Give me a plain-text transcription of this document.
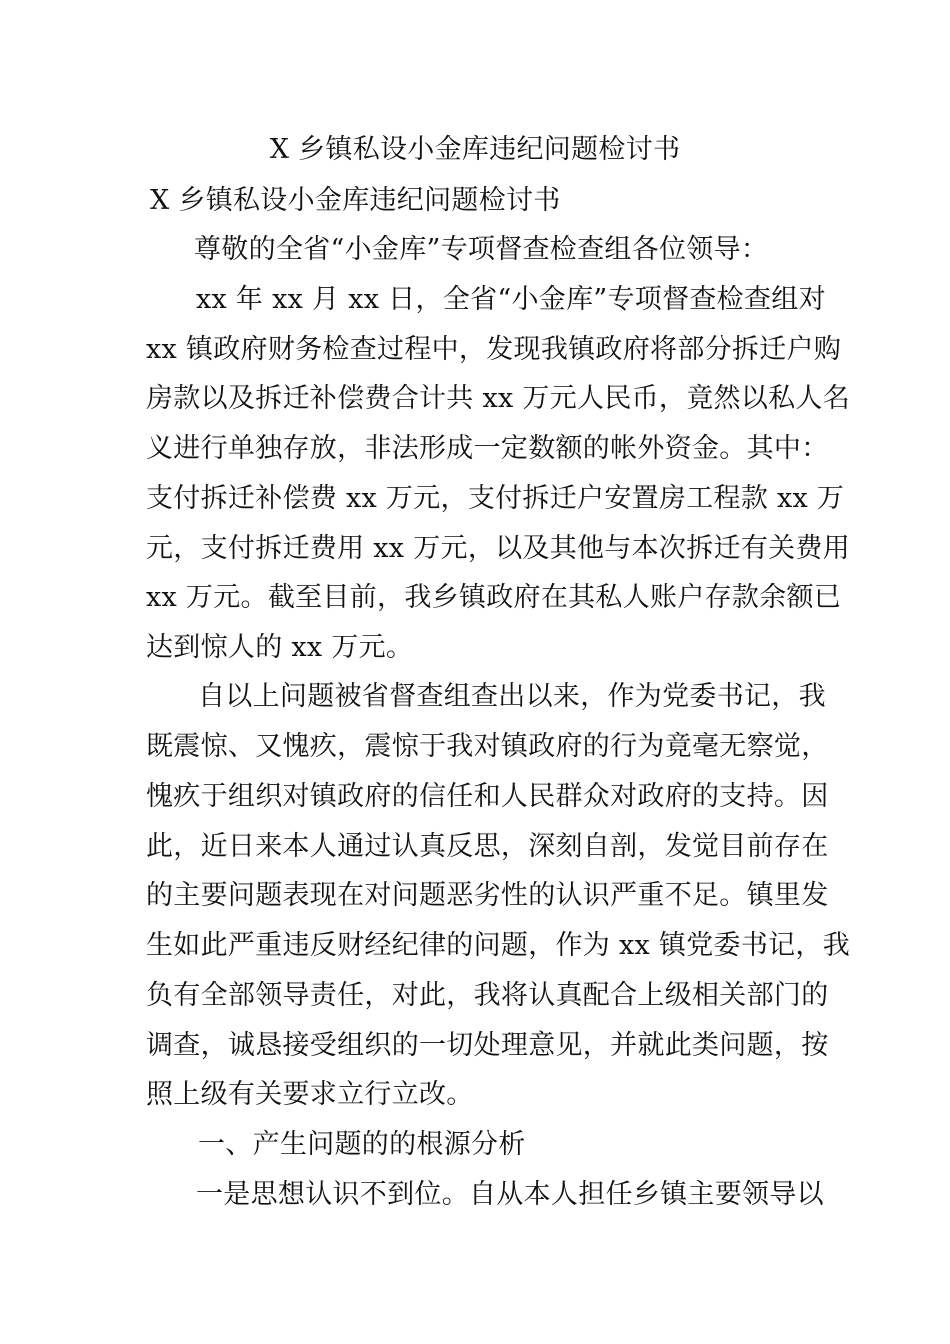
X 乡镇私设小金库违纪问题检讨书
X 乡镇私设小金库违纪问题检讨书
尊敬的全省“小金库”专项督查检查组各位领导：
xx 年 xx 月 xx 日，全省“小金库”专项督查检查组对
xx 镇政府财务检查过程中，发现我镇政府将部分拆迁户购
房款以及拆迁补偿费合计共 xx 万元人民币，竟然以私人名
义进行单独存放，非法形成一定数额的帐外资金。其中：
支付拆迁补偿费 xx 万元，支付拆迁户安置房工程款 xx 万
元，支付拆迁费用 xx 万元，以及其他与本次拆迁有关费用
xx 万元。截至目前，我乡镇政府在其私人账户存款余额已
达到惊人的 xx 万元。
自以上问题被省督查组查出以来，作为党委书记，我
既震惊、又愧疚，震惊于我对镇政府的行为竟毫无察觉，
愧疚于组织对镇政府的信任和人民群众对政府的支持。因
此，近日来本人通过认真反思，深刻自剖，发觉目前存在
的主要问题表现在对问题恶劣性的认识严重不足。镇里发
生如此严重违反财经纪律的问题，作为 xx 镇党委书记，我
负有全部领导责任，对此，我将认真配合上级相关部门的
调查，诚恳接受组织的一切处理意见，并就此类问题，按
照上级有关要求立行立改。
一、产生问题的的根源分析
一是思想认识不到位。自从本人担任乡镇主要领导以
